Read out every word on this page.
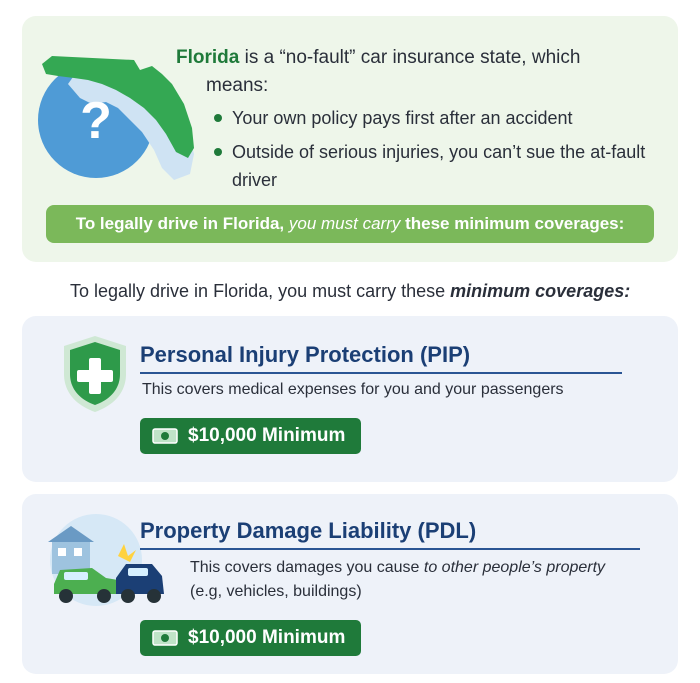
?

Florida is a “no-fault” car insurance state, which
means:

Your own policy pays first after an accident
Outside of serious injuries, you can’t sue the at-fault driver
To legally drive in Florida, you must carry these minimum coverages:

To legally drive in Florida, you must carry these minimum coverages:

Personal Injury Protection (PIP)
This covers medical expenses for you and your passengers
$10,000 Minimum
Property Damage Liability (PDL)
This covers damages you cause to other people’s property
(e.g, vehicles, buildings)
$10,000 Minimum
